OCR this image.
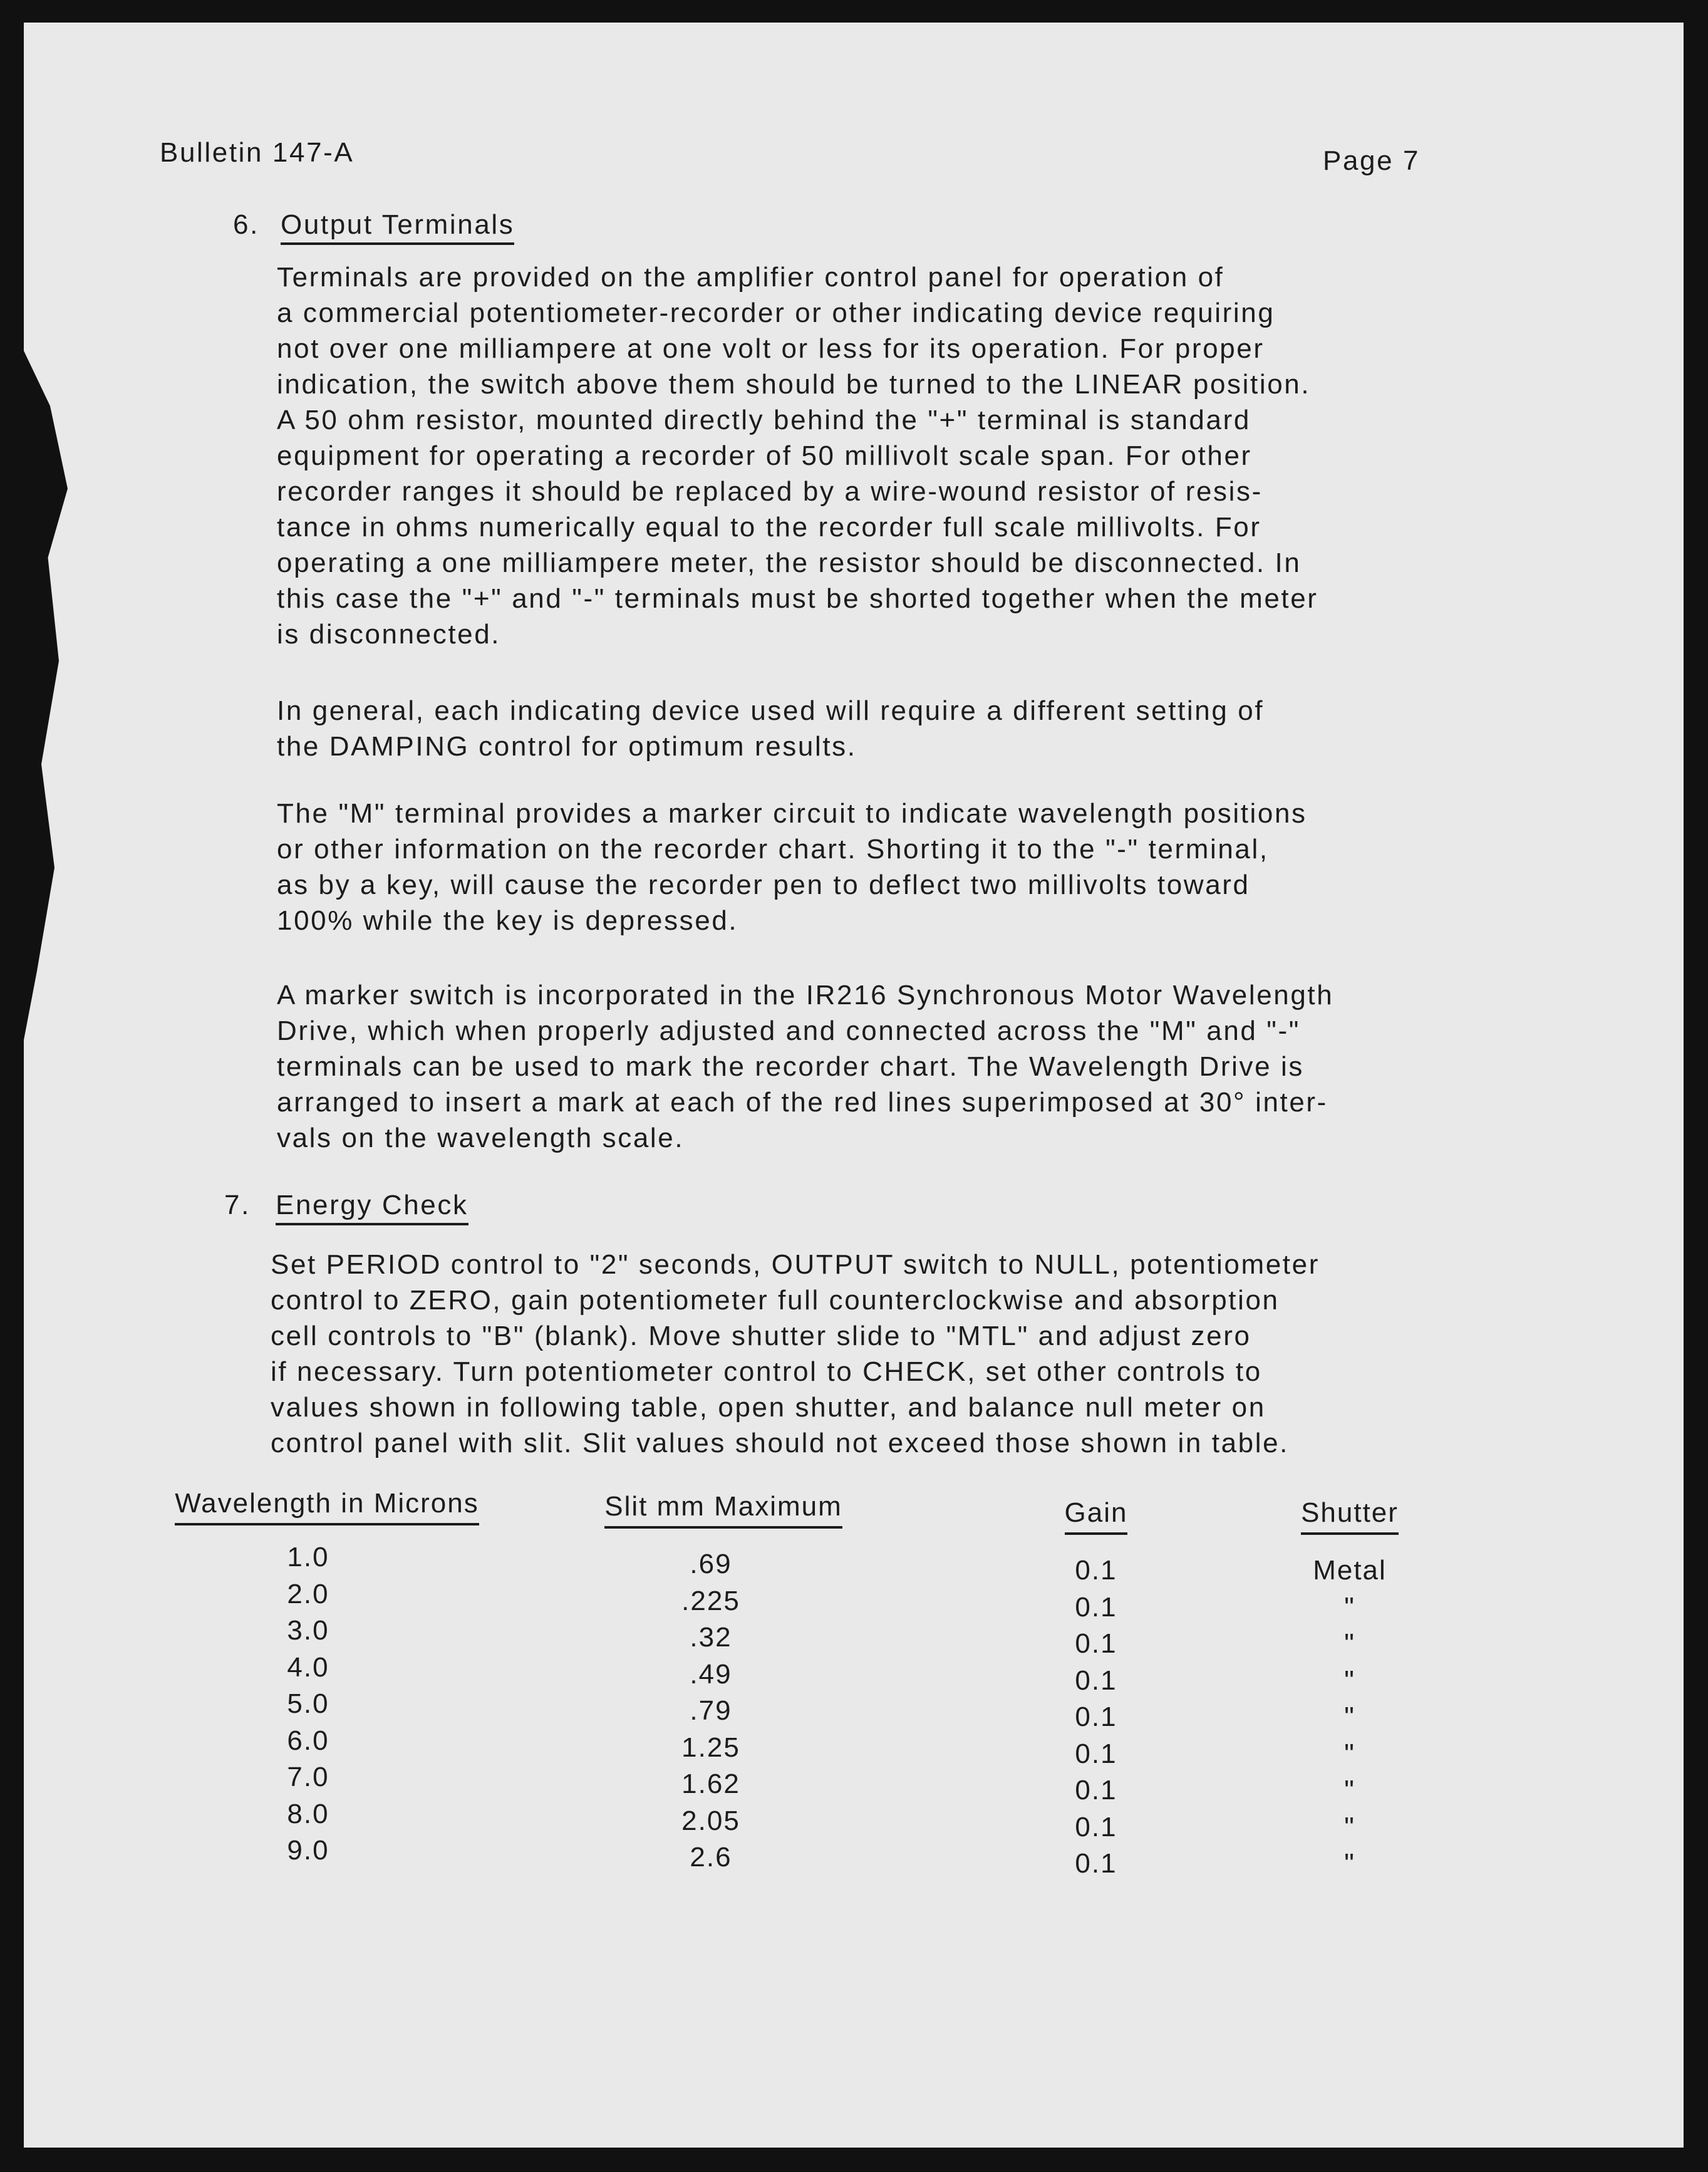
Bulletin 147-A	Page 7
6. Output Terminals
Terminals are provided on the amplifier control panel for operation of
a commercial potentiometer-recorder or other indicating device requiring
not over one milliampere at one volt or less for its operation. For proper
indication, the switch above them should be turned to the LINEAR position.
A 50 ohm resistor, mounted directly behind the "+" terminal is standard
equipment for operating a recorder of 50 millivolt scale span. For other
recorder ranges it should be replaced by a wire-wound resistor of resis-
tance in ohms numerically equal to the recorder full scale millivolts. For
operating a one milliampere meter, the resistor should be disconnected. In
this case the "+" and "-" terminals must be shorted together when the meter
is disconnected.
In general, each indicating device used will require a different setting of
the DAMPING control for optimum results.
The "M" terminal provides a marker circuit to indicate wavelength positions
or other information on the recorder chart. Shorting it to the "-" terminal,
as by a key, will cause the recorder pen to deflect two millivolts toward
100% while the key is depressed.
A marker switch is incorporated in the IR216 Synchronous Motor Wavelength
Drive, which when properly adjusted and connected across the "M" and "-"
terminals can be used to mark the recorder chart. The Wavelength Drive is
arranged to insert a mark at each of the red lines superimposed at 30° inter-
vals on the wavelength scale.
7. Energy Check
Set PERIOD control to "2" seconds, OUTPUT switch to NULL, potentiometer
control to ZERO, gain potentiometer full counterclockwise and absorption
cell controls to "B" (blank). Move shutter slide to "MTL" and adjust zero
if necessary. Turn potentiometer control to CHECK, set other controls to
values shown in following table, open shutter, and balance null meter on
control panel with slit. Slit values should not exceed those shown in table.
Wavelength in Microns
1.0
2.0
3.0
4.0
5.0
6.0
7.0
8.0
9.0
Slit mm Maximum
.69
.225
.32
.49
.79
1.25
1.62
2.05
2.6
Gain
0.1
0.1
0.1
0.1
0.1
0.1
0.1
0.1
0.1
Shutter
Metal
"
"
"
"
"
"
"
"
